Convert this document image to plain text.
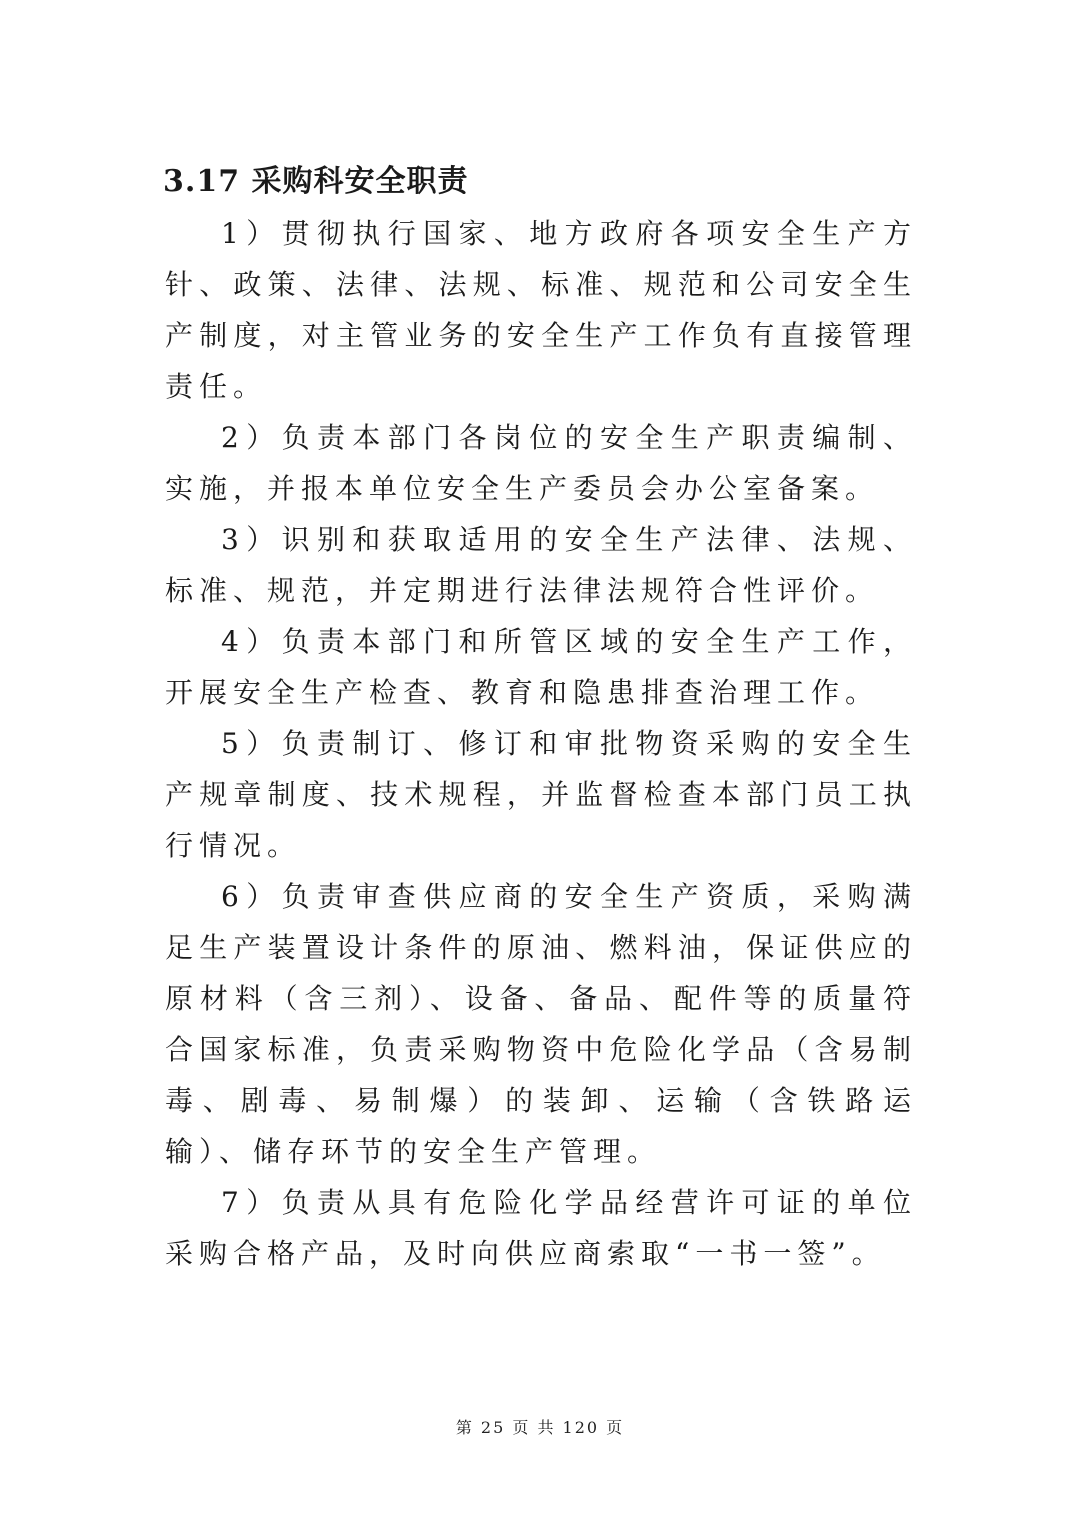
3.17 采购科安全职责

1）贯彻执行国家、地方政府各项安全生产方针、政策、法律、法规、标准、规范和公司安全生产制度，对主管业务的安全生产工作负有直接管理责任。

2）负责本部门各岗位的安全生产职责编制、实施，并报本单位安全生产委员会办公室备案。

3）识别和获取适用的安全生产法律、法规、标准、规范，并定期进行法律法规符合性评价。

4）负责本部门和所管区域的安全生产工作，开展安全生产检查、教育和隐患排查治理工作。

5）负责制订、修订和审批物资采购的安全生产规章制度、技术规程，并监督检查本部门员工执行情况。

6）负责审查供应商的安全生产资质，采购满足生产装置设计条件的原油、燃料油，保证供应的原材料（含三剂）、设备、备品、配件等的质量符合国家标准，负责采购物资中危险化学品（含易制毒、剧毒、易制爆）的装卸、运输（含铁路运输）、储存环节的安全生产管理。

7）负责从具有危险化学品经营许可证的单位采购合格产品，及时向供应商索取“一书一签”。

第 25 页 共 120 页
